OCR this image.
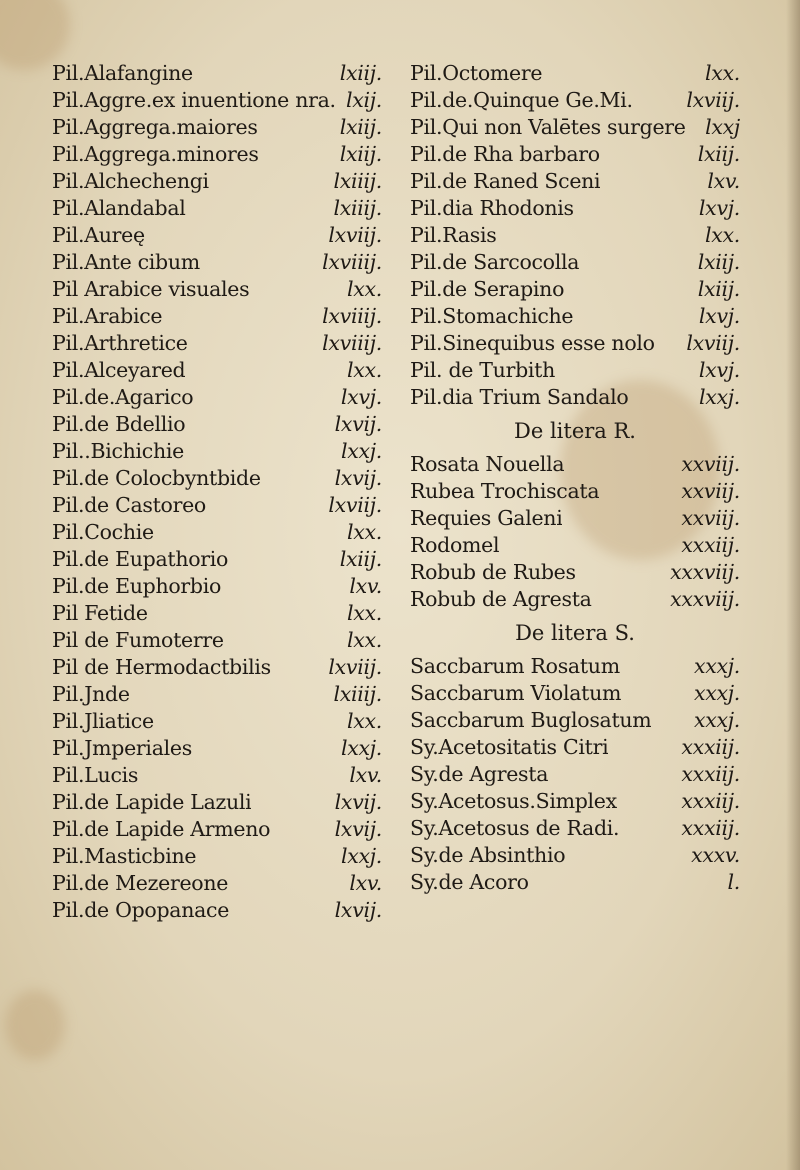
Pil.Alafangine	lxiij.
Pil.Aggre.ex inuentione nra. lxij.
Pil.Aggrega.maiores	lxiij.
Pil.Aggrega.minores	lxiij.
Pil.Alchechengi	lxiiij.
Pil.Alandabal	lxiiij.
Pil.Aureę	lxviij.
Pil.Ante cibum	lxviiij.
Pil Arabice visuales	lxx.
Pil.Arabice	lxviiij.
Pil.Arthretice	lxviiij.
Pil.Alceyared	lxx.
Pil.de.Agarico	lxvj.
Pil.de Bdellio	lxvij.
Pil..Bichichie	lxxj.
Pil.de Colocbyntbide	lxvij.
Pil.de Castoreo	lxviij.
Pil.Cochie	lxx.
Pil.de Eupathorio	lxiij.
Pil.de Euphorbio	lxv.
Pil Fetide	lxx.
Pil de Fumoterre	lxx.
Pil de Hermodactbilis	lxviij.
Pil.Jnde	lxiiij.
Pil.Jliatice	lxx.
Pil.Jmperiales	lxxj.
Pil.Lucis	lxv.
Pil.de Lapide Lazuli	lxvij.
Pil.de Lapide Armeno	lxvij.
Pil.Masticbine	lxxj.
Pil.de Mezereone	lxv.
Pil.de Opopanace	lxvij.
Pil.Octomere	lxx.
Pil.de.Quinque Ge.Mi.	lxviij.
Pil.Qui non Valētes surgere lxxj
Pil.de Rha barbaro	lxiij.
Pil.de Raned Sceni	lxv.
Pil.dia Rhodonis	lxvj.
Pil.Rasis	lxx.
Pil.de Sarcocolla	lxiij.
Pil.de Serapino	lxiij.
Pil.Stomachiche	lxvj.
Pil.Sinequibus esse nolo lxviij.
Pil. de Turbith	lxvj.
Pil.dia Trium Sandalo	lxxj.
De litera R.
Rosata Nouella	xxviij.
Rubea Trochiscata	xxviij.
Requies Galeni	xxviij.
Rodomel	xxxiij.
Robub de Rubes	xxxviij.
Robub de Agresta	xxxviij.
De litera S.
Saccbarum Rosatum	xxxj.
Saccbarum Violatum	xxxj.
Saccbarum Buglosatum xxxj.
Sy.Acetositatis Citri	xxxiij.
Sy.de Agresta	xxxiij.
Sy.Acetosus.Simplex	xxxiij.
Sy.Acetosus de Radi.	xxxiij.
Sy.de Absinthio	xxxv.
Sy.de Acoro	l.
